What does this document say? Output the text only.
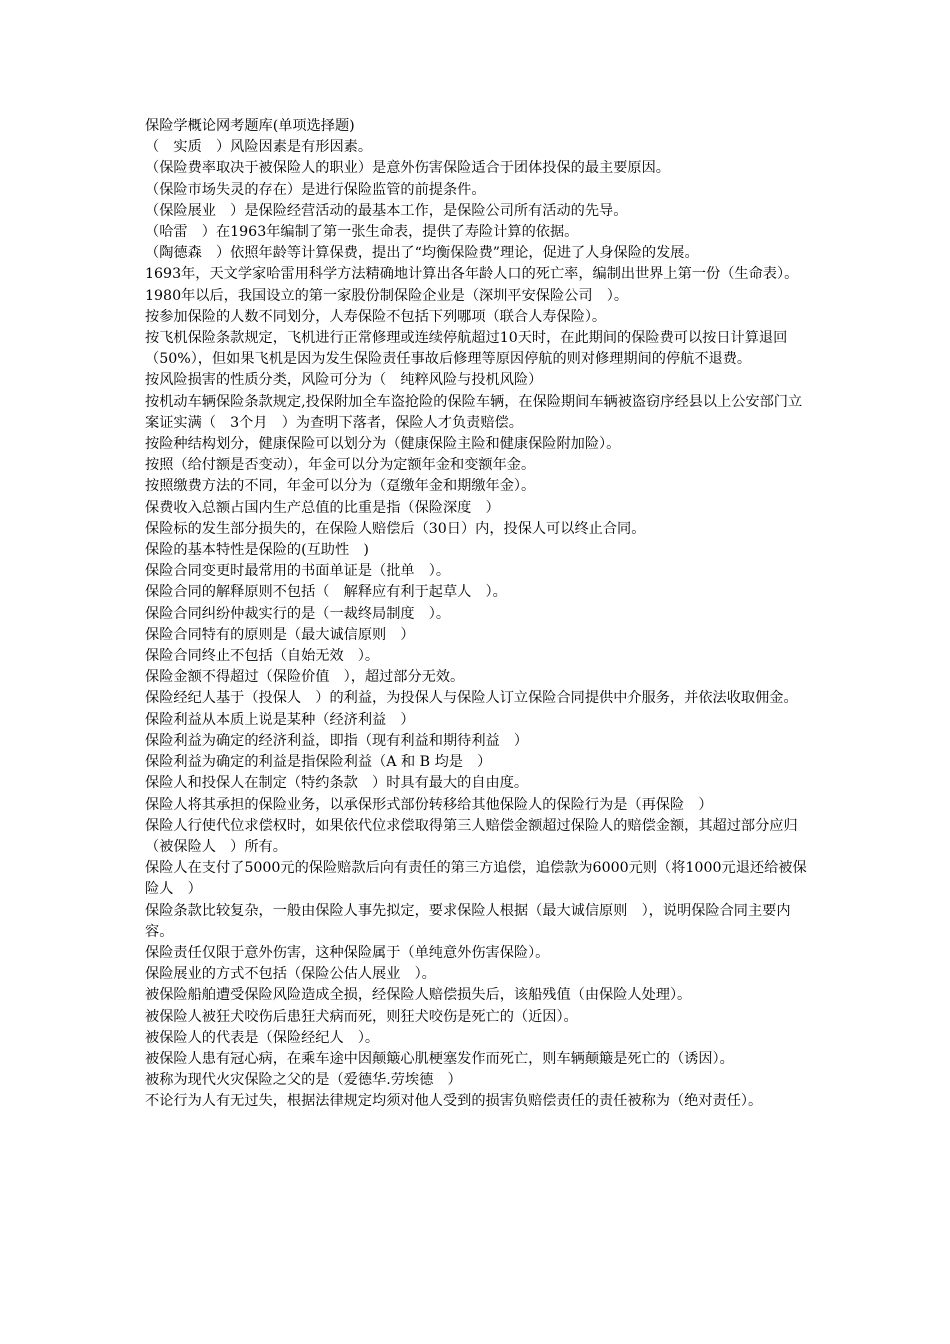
保险学概论网考题库(单项选择题)
（　实质　）风险因素是有形因素。
（保险费率取决于被保险人的职业）是意外伤害保险适合于团体投保的最主要原因。
（保险市场失灵的存在）是进行保险监管的前提条件。
（保险展业　）是保险经营活动的最基本工作，是保险公司所有活动的先导。
（哈雷　）在1963年编制了第一张生命表，提供了寿险计算的依据。
（陶德森　）依照年龄等计算保费，提出了“均衡保险费”理论，促进了人身保险的发展。
1693年，天文学家哈雷用科学方法精确地计算出各年龄人口的死亡率，编制出世界上第一份（生命表）。
1980年以后，我国设立的第一家股份制保险企业是（深圳平安保险公司　）。
按参加保险的人数不同划分，人寿保险不包括下列哪项（联合人寿保险）。
按飞机保险条款规定，飞机进行正常修理或连续停航超过10天时，在此期间的保险费可以按日计算退回（50%），但如果飞机是因为发生保险责任事故后修理等原因停航的则对修理期间的停航不退费。
按风险损害的性质分类，风险可分为（　纯粹风险与投机风险）
按机动车辆保险条款规定,投保附加全车盗抢险的保险车辆，在保险期间车辆被盗窃序经县以上公安部门立案证实满（　3个月　）为查明下落者，保险人才负责赔偿。
按险种结构划分，健康保险可以划分为（健康保险主险和健康保险附加险）。
按照（给付额是否变动），年金可以分为定额年金和变额年金。
按照缴费方法的不同，年金可以分为（趸缴年金和期缴年金）。
保费收入总额占国内生产总值的比重是指（保险深度　）
保险标的发生部分损失的，在保险人赔偿后（30日）内，投保人可以终止合同。
保险的基本特性是保险的(互助性　)
保险合同变更时最常用的书面单证是（批单　）。
保险合同的解释原则不包括（　解释应有利于起草人　）。
保险合同纠纷仲裁实行的是（一裁终局制度　）。
保险合同特有的原则是（最大诚信原则　）
保险合同终止不包括（自始无效　）。
保险金额不得超过（保险价值　），超过部分无效。
保险经纪人基于（投保人　）的利益，为投保人与保险人订立保险合同提供中介服务，并依法收取佣金。
保险利益从本质上说是某种（经济利益　）
保险利益为确定的经济利益，即指（现有利益和期待利益　）
保险利益为确定的利益是指保险利益（A 和 B 均是　）
保险人和投保人在制定（特约条款　）时具有最大的自由度。
保险人将其承担的保险业务，以承保形式部份转移给其他保险人的保险行为是（再保险　）
保险人行使代位求偿权时，如果依代位求偿取得第三人赔偿金额超过保险人的赔偿金额，其超过部分应归（被保险人　）所有。
保险人在支付了5000元的保险赔款后向有责任的第三方追偿，追偿款为6000元则（将1000元退还给被保险人　）
保险条款比较复杂，一般由保险人事先拟定，要求保险人根据（最大诚信原则　），说明保险合同主要内容。
保险责任仅限于意外伤害，这种保险属于（单纯意外伤害保险）。
保险展业的方式不包括（保险公估人展业　）。
被保险船舶遭受保险风险造成全损，经保险人赔偿损失后，该船残值（由保险人处理）。
被保险人被狂犬咬伤后患狂犬病而死，则狂犬咬伤是死亡的（近因）。
被保险人的代表是（保险经纪人　）。
被保险人患有冠心病，在乘车途中因颠簸心肌梗塞发作而死亡，则车辆颠簸是死亡的（诱因）。
被称为现代火灾保险之父的是（爱德华.劳埃德　）
不论行为人有无过失，根据法律规定均须对他人受到的损害负赔偿责任的责任被称为（绝对责任）。
